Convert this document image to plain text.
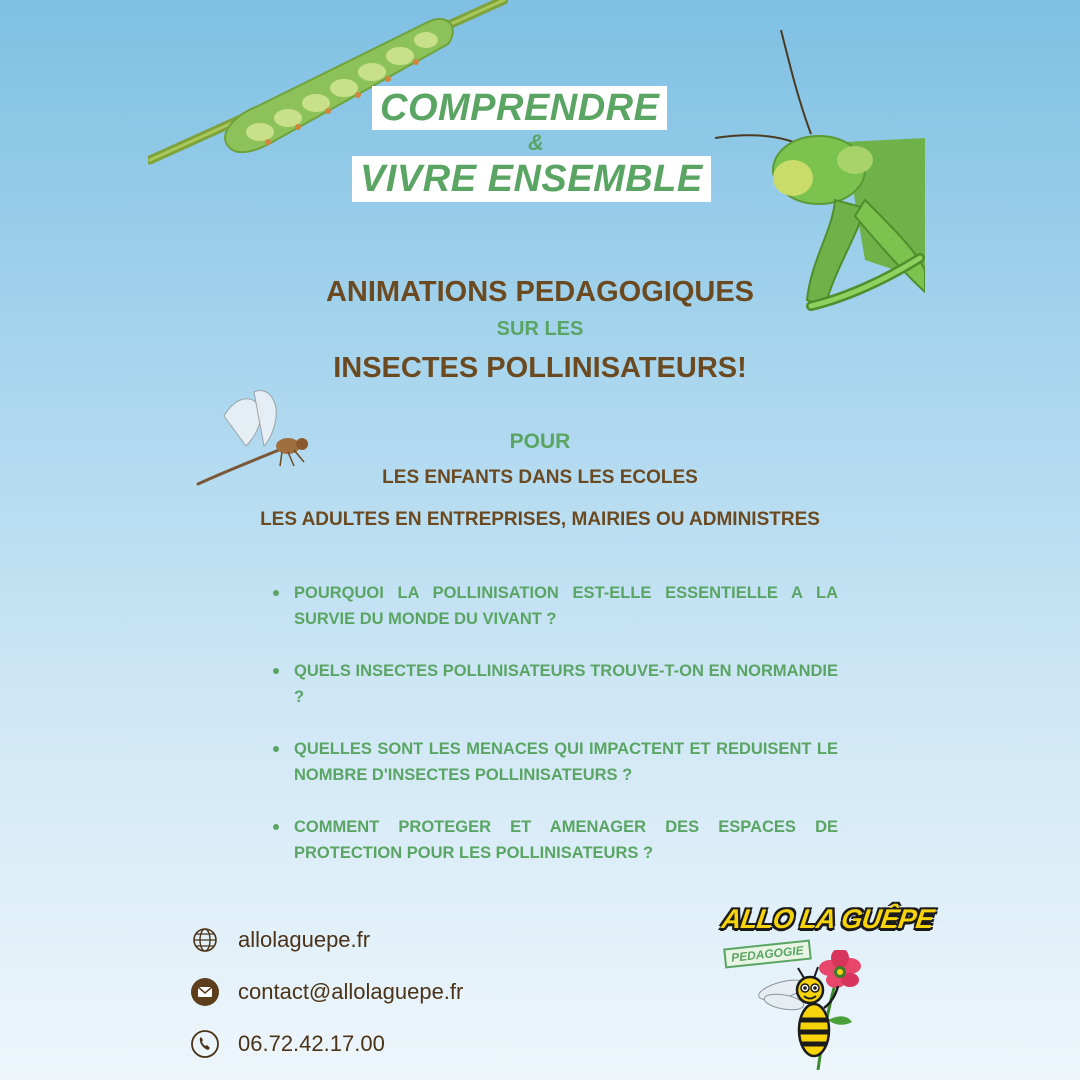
COMPRENDRE
&
VIVRE ENSEMBLE
ANIMATIONS PEDAGOGIQUES
SUR LES
INSECTES POLLINISATEURS!
POUR
LES ENFANTS DANS LES ECOLES
LES ADULTES EN ENTREPRISES, MAIRIES OU ADMINISTRES
POURQUOI LA POLLINISATION EST-ELLE ESSENTIELLE A LA SURVIE DU MONDE DU VIVANT ?
QUELS INSECTES POLLINISATEURS TROUVE-T-ON EN NORMANDIE ?
QUELLES SONT LES MENACES QUI IMPACTENT ET REDUISENT LE NOMBRE D'INSECTES POLLINISATEURS ?
COMMENT PROTEGER ET AMENAGER DES ESPACES DE PROTECTION POUR LES POLLINISATEURS ?
allolaguepe.fr
contact@allolaguepe.fr
06.72.42.17.00
ALLO LA GUÊPE
PEDAGOGIE
